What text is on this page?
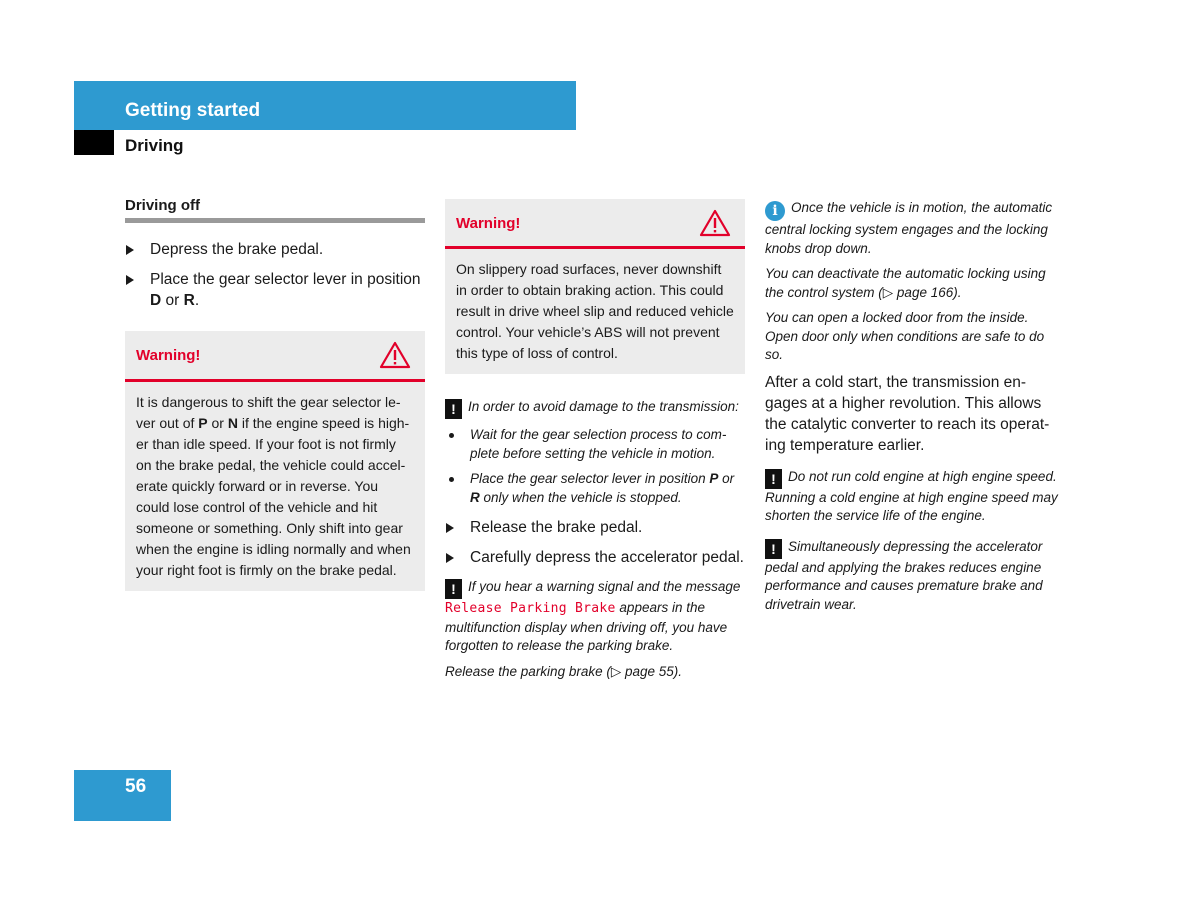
Getting started
Driving
Driving off
Depress the brake pedal.
Place the gear selector lever in position D or R.
Warning!
It is dangerous to shift the gear selector le-ver out of P or N if the engine speed is high-er than idle speed. If your foot is not firmly on the brake pedal, the vehicle could accel-erate quickly forward or in reverse. You could lose control of the vehicle and hit someone or something. Only shift into gear when the engine is idling normally and when your right foot is firmly on the brake pedal.
Warning!
On slippery road surfaces, never downshift in order to obtain braking action. This could result in drive wheel slip and reduced vehicle control. Your vehicle’s ABS will not prevent this type of loss of control.

! In order to avoid damage to the transmission:

Wait for the gear selection process to com-plete before setting the vehicle in motion.
Place the gear selector lever in position P or R only when the vehicle is stopped.
Release the brake pedal.
Carefully depress the accelerator pedal.

! If you hear a warning signal and the message Release Parking Brake appears in the multifunction display when driving off, you have forgotten to release the parking brake.

Release the parking brake (▷ page 55).

i Once the vehicle is in motion, the automatic central locking system engages and the locking knobs drop down.

You can deactivate the automatic locking using the control system (▷ page 166).

You can open a locked door from the inside. Open door only when conditions are safe to do so.

After a cold start, the transmission en-gages at a higher revolution. This allows the catalytic converter to reach its operat-ing temperature earlier.

! Do not run cold engine at high engine speed. Running a cold engine at high engine speed may shorten the service life of the engine.

! Simultaneously depressing the accelerator pedal and applying the brakes reduces engine performance and causes premature brake and drivetrain wear.

56
